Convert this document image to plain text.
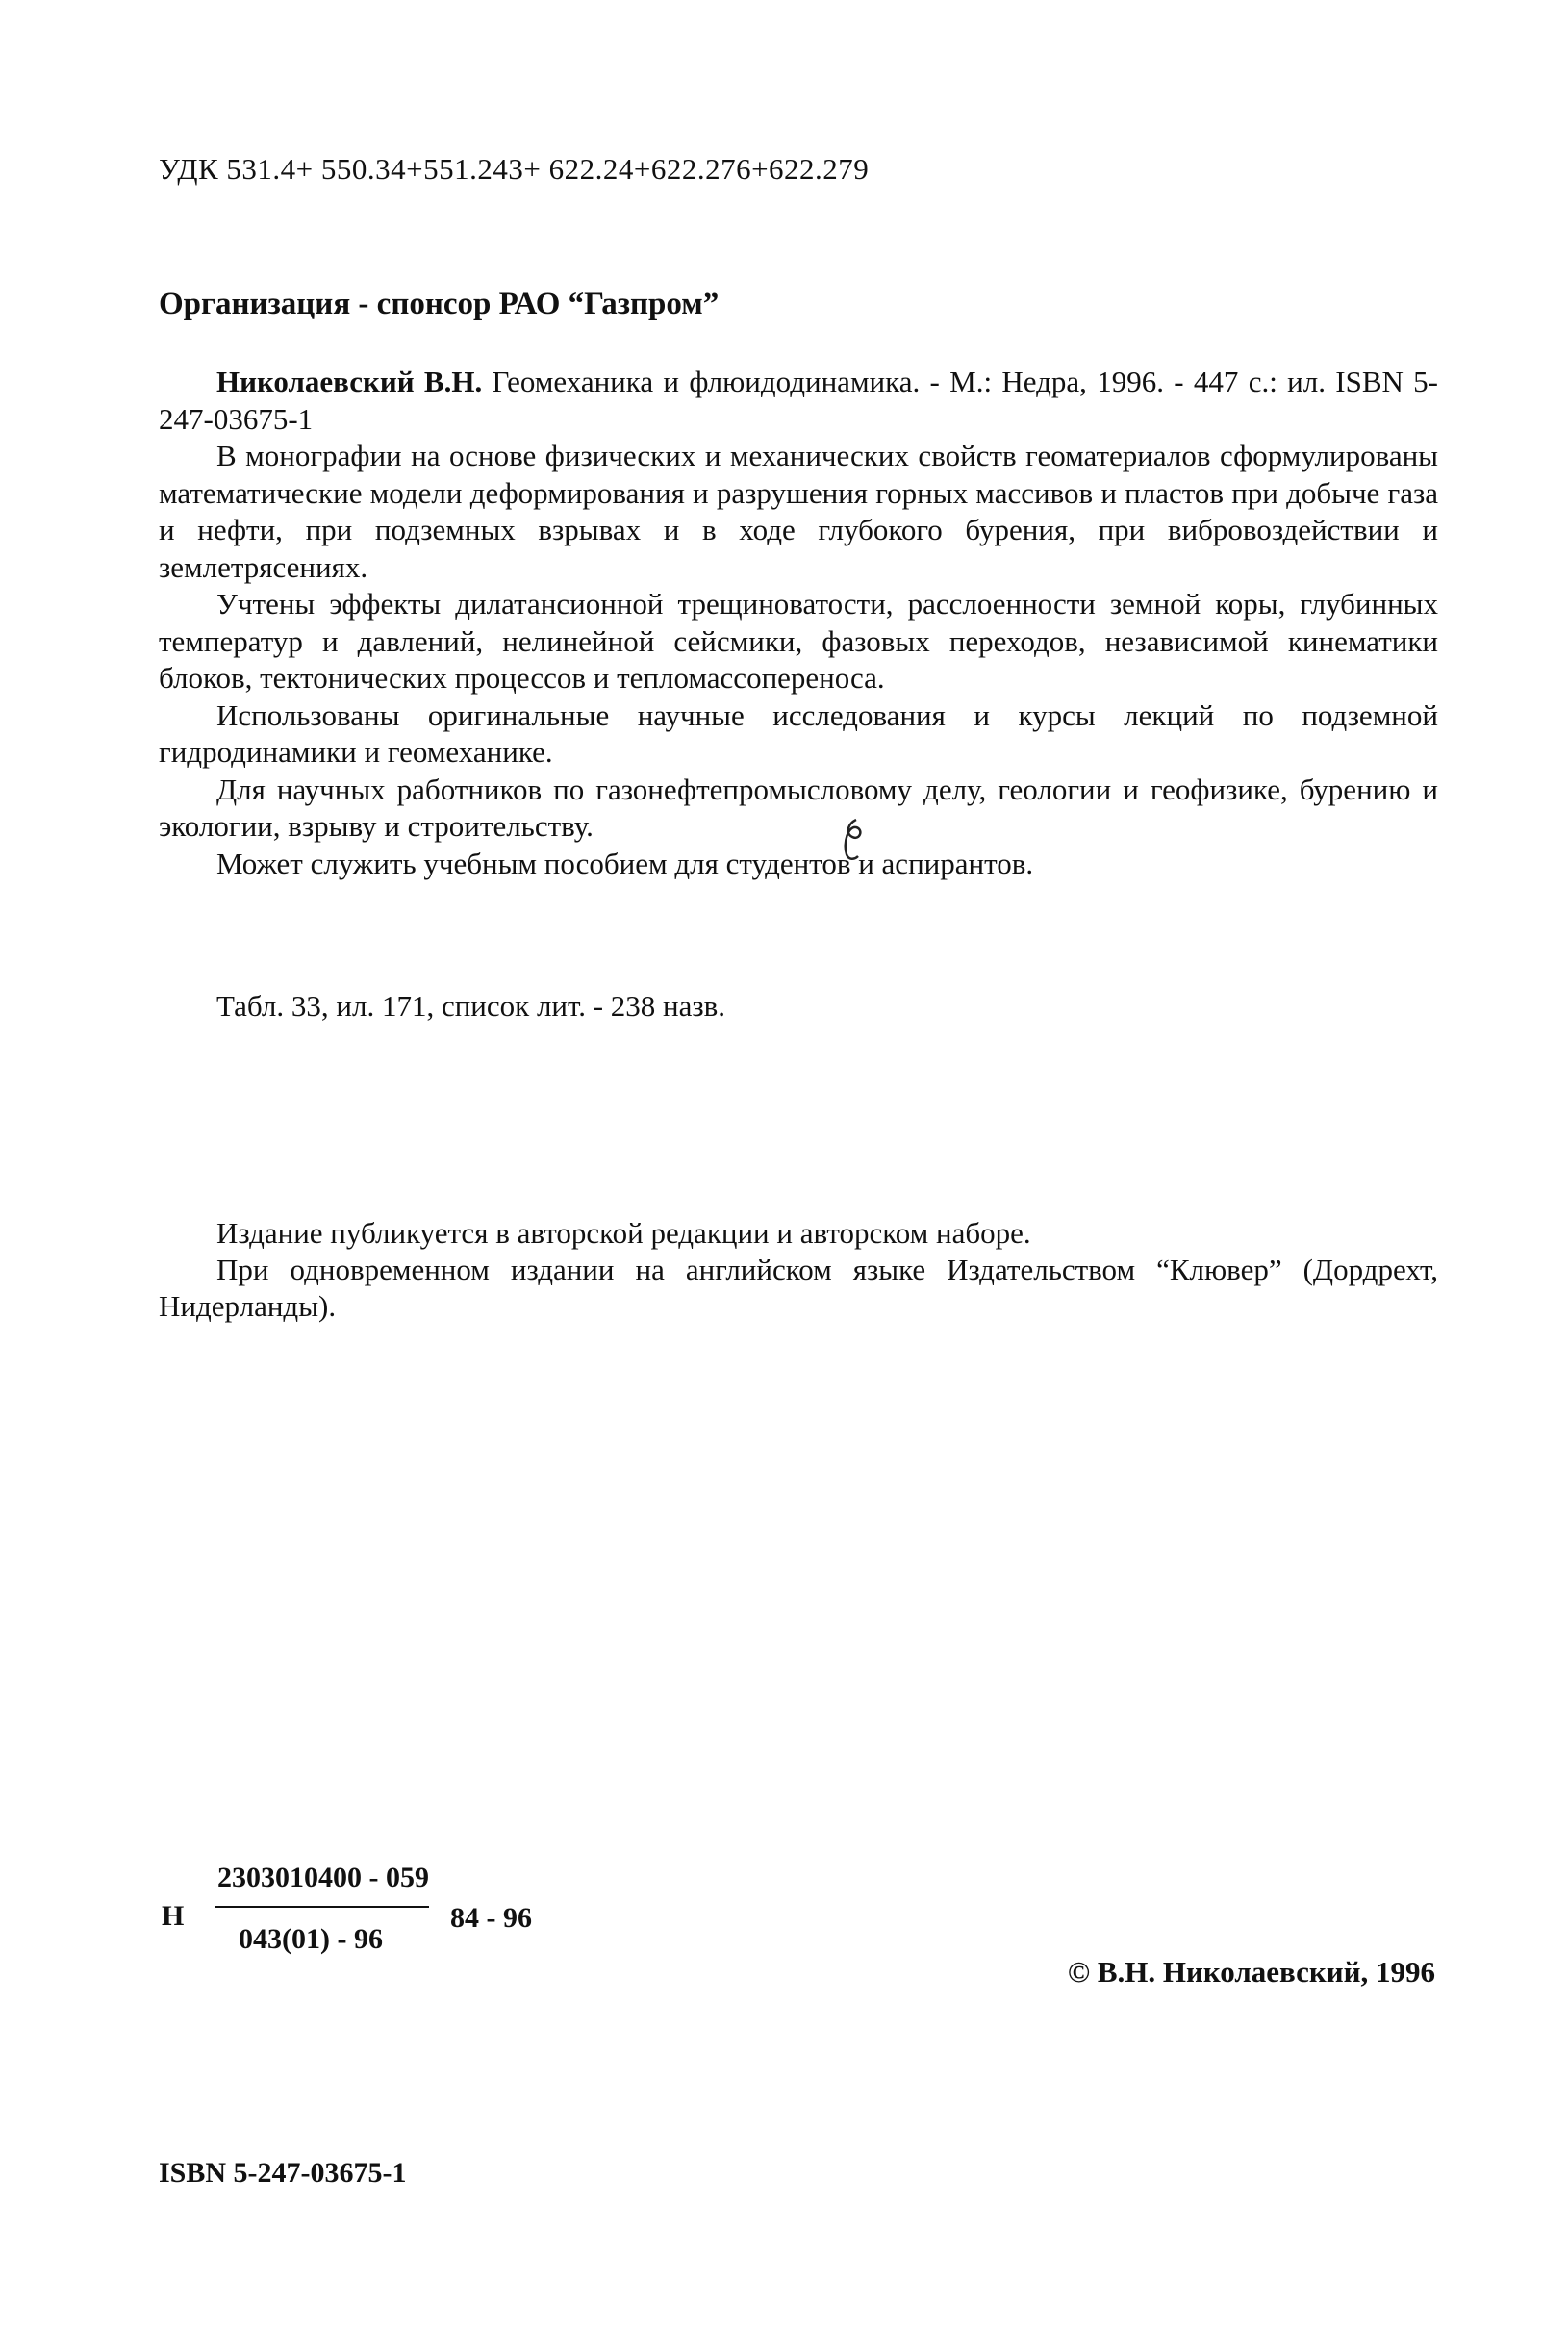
УДК 531.4+ 550.34+551.243+ 622.24+622.276+622.279
Организация - спонсор РАО “Газпром”

Николаевский В.Н. Геомеханика и флюидодинамика. - М.: Недра, 1996. - 447 с.: ил. ISBN 5-247-03675-1

В монографии на основе физических и механических свойств геоматериалов сформулированы математические модели деформирования и разрушения горных массивов и пластов при добыче газа и нефти, при подземных взрывах и в ходе глубокого бурения, при вибровоздействии и землетрясениях.

Учтены эффекты дилатансионной трещиноватости, расслоенности земной коры, глубинных температур и давлений, нелинейной сейсмики, фазовых переходов, независимой кинематики блоков, тектонических процессов и тепломассопереноса.

Использованы оригинальные научные исследования и курсы лекций по подземной гидродинамики и геомеханике.

Для научных работников по газонефтепромысловому делу, геологии и геофизике, бурению и экологии, взрыву и строительству.

Может служить учебным пособием для студентов и аспирантов.

Табл. 33, ил. 171, список лит. - 238 назв.

Издание публикуется в авторской редакции и авторском наборе.

При одновременном издании на английском языке Издательством “Клювер” (Дордрехт, Нидерланды).

Н
2303010400 - 059
043(01) - 96
84 - 96
© В.Н. Николаевский, 1996
ISBN 5-247-03675-1
